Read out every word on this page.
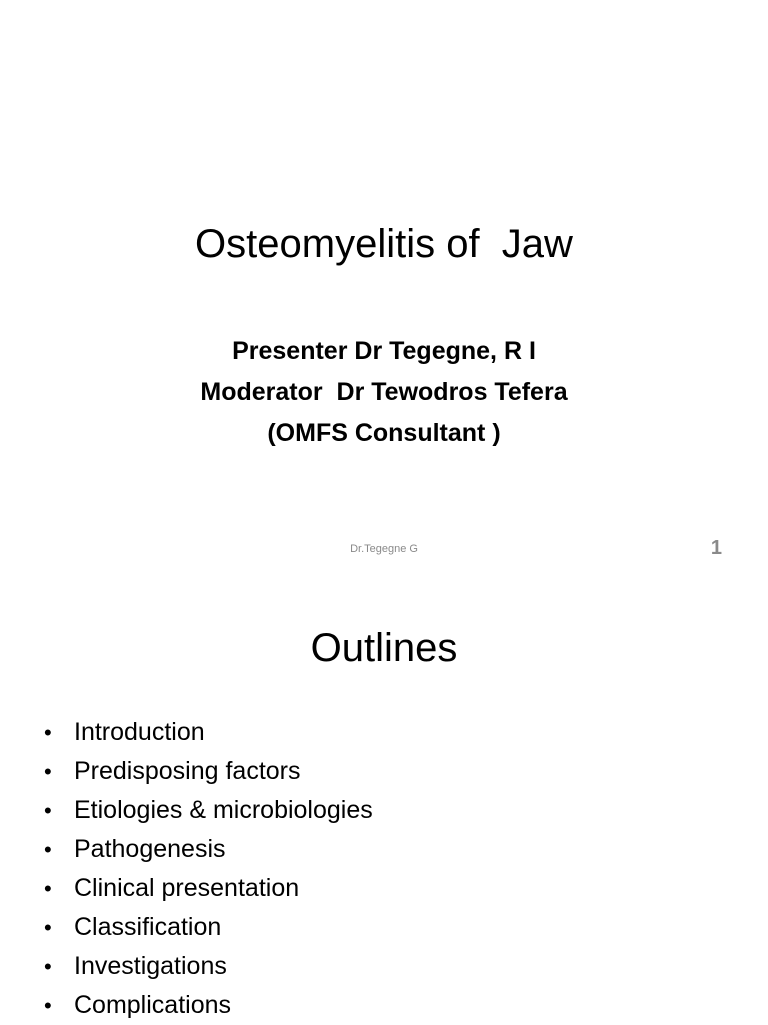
Osteomyelitis of  Jaw
Presenter Dr Tegegne, R I
Moderator  Dr Tewodros Tefera
(OMFS Consultant )
Dr.Tegegne G	1
Outlines
• Introduction
• Predisposing factors
• Etiologies & microbiologies
• Pathogenesis
• Clinical presentation
• Classification
• Investigations
• Complications
